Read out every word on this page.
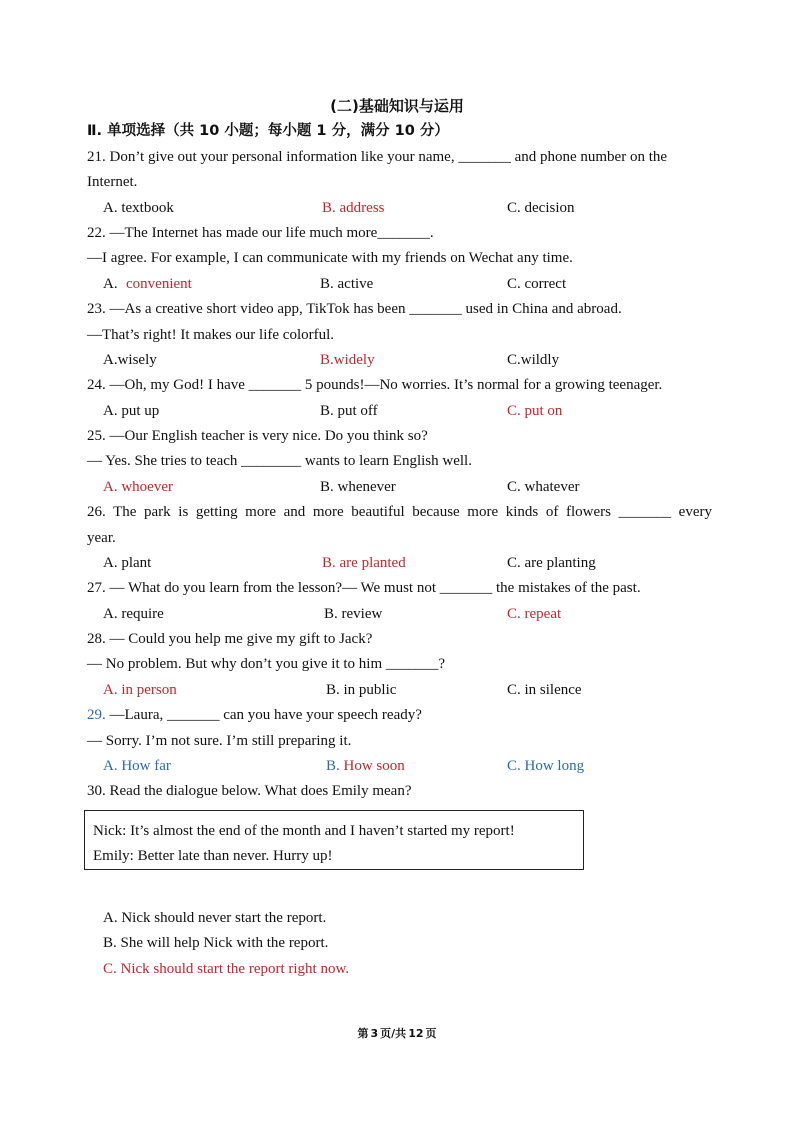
(二)基础知识与运用
Ⅱ. 单项选择（共 10 小题；每小题 1 分，满分 10 分）
21. Don’t give out your personal information like your name, _______ and phone number on the
Internet.
A. textbook	B. address	C. decision
22. —The Internet has made our life much more_______.
—I agree. For example, I can communicate with my friends on Wechat any time.
A. convenient	B. active	C. correct
23. —As a creative short video app, TikTok has been _______ used in China and abroad.
—That’s right! It makes our life colorful.
A.wisely	B.widely	C.wildly
24. —Oh, my God! I have _______ 5 pounds!—No worries. It’s normal for a growing teenager.
A. put up	B. put off	C. put on
25. —Our English teacher is very nice. Do you think so?
— Yes. She tries to teach ________ wants to learn English well.
A. whoever	B. whenever	C. whatever
26. The park is getting more and more beautiful because more kinds of flowers _______ every
year.
A. plant	B. are planted	C. are planting
27. — What do you learn from the lesson?— We must not _______ the mistakes of the past.
A. require	B. review	C. repeat
28. — Could you help me give my gift to Jack?
— No problem. But why don’t you give it to him _______?
A. in person	B. in public	C. in silence
29. —Laura, _______ can you have your speech ready?
— Sorry. I’m not sure. I’m still preparing it.
A. How far	B. How soon	C. How long
30. Read the dialogue below. What does Emily mean?
Nick: It’s almost the end of the month and I haven’t started my report!
Emily: Better late than never. Hurry up!
A. Nick should never start the report.
B. She will help Nick with the report.
C. Nick should start the report right now.
第 3 页/共 12 页
